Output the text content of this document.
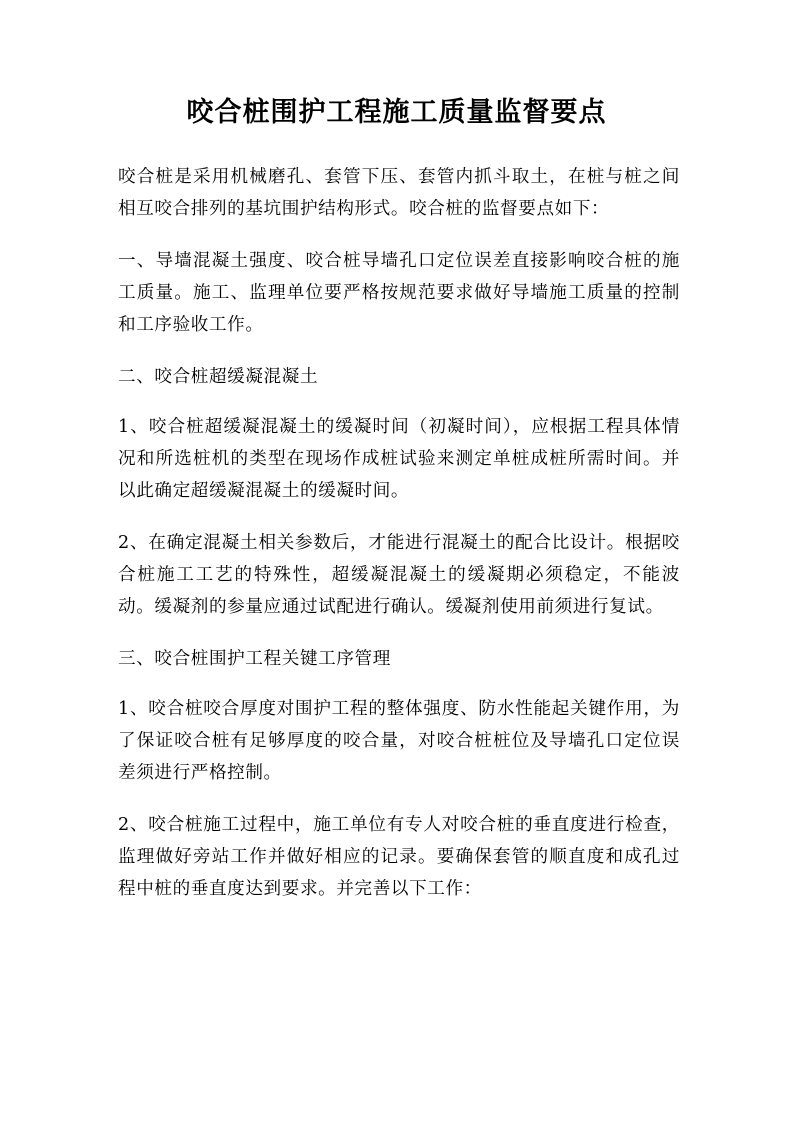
咬合桩围护工程施工质量监督要点

咬合桩是采用机械磨孔、套管下压、套管内抓斗取土，在桩与桩之间相互咬合排列的基坑围护结构形式。咬合桩的监督要点如下：

一、导墙混凝土强度、咬合桩导墙孔口定位误差直接影响咬合桩的施工质量。施工、监理单位要严格按规范要求做好导墙施工质量的控制和工序验收工作。

二、咬合桩超缓凝混凝土

1、咬合桩超缓凝混凝土的缓凝时间（初凝时间），应根据工程具体情况和所选桩机的类型在现场作成桩试验来测定单桩成桩所需时间。并以此确定超缓凝混凝土的缓凝时间。

2、在确定混凝土相关参数后，才能进行混凝土的配合比设计。根据咬合桩施工工艺的特殊性，超缓凝混凝土的缓凝期必须稳定，不能波动。缓凝剂的参量应通过试配进行确认。缓凝剂使用前须进行复试。

三、咬合桩围护工程关键工序管理

1、咬合桩咬合厚度对围护工程的整体强度、防水性能起关键作用，为了保证咬合桩有足够厚度的咬合量，对咬合桩桩位及导墙孔口定位误差须进行严格控制。

2、咬合桩施工过程中，施工单位有专人对咬合桩的垂直度进行检查，监理做好旁站工作并做好相应的记录。要确保套管的顺直度和成孔过程中桩的垂直度达到要求。并完善以下工作：
